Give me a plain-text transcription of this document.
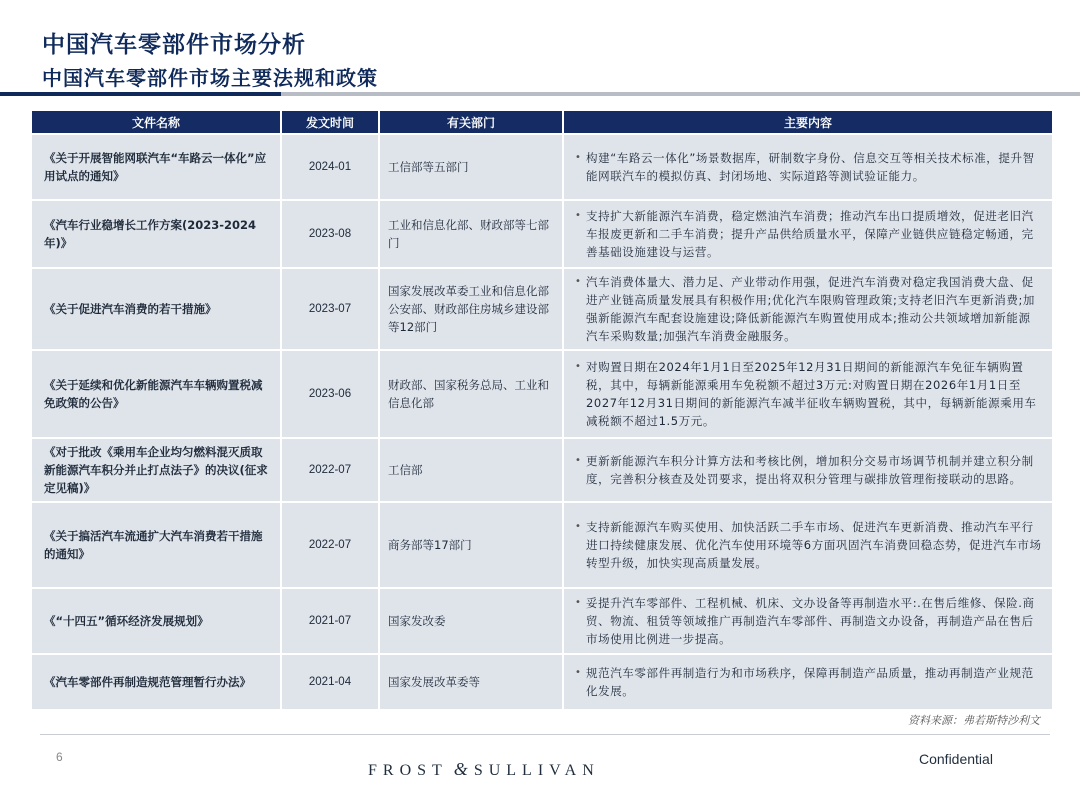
中国汽车零部件市场分析
中国汽车零部件市场主要法规和政策
文件名称	发文时间	有关部门	主要内容
《关于开展智能网联汽车“车路云一体化”应用试点的通知》	2024-01	工信部等五部门	• 构建“车路云一体化”场景数据库，研制数字身份、信息交互等相关技术标准，提升智能网联汽车的模拟仿真、封闭场地、实际道路等测试验证能力。

《汽车行业稳增长工作方案(2023-2024年)》	2023-08	工业和信息化部、财政部等七部门	• 支持扩大新能源汽车消费，稳定燃油汽车消费；推动汽车出口提质增效，促进老旧汽车报废更新和二手车消费；提升产品供给质量水平，保障产业链供应链稳定畅通，完善基础设施建设与运营。

《关于促进汽车消费的若干措施》	2023-07	国家发展改革委工业和信息化部公安部、财政部住房城乡建设部等12部门	• 汽车消费体量大、潜力足、产业带动作用强，促进汽车消费对稳定我国消费大盘、促进产业链高质量发展具有积极作用;优化汽车限购管理政策;支持老旧汽车更新消费;加强新能源汽车配套设施建设;降低新能源汽车购置使用成本;推动公共领域增加新能源汽车采购数量;加强汽车消费金融服务。

《关于延续和优化新能源汽车车辆购置税减免政策的公告》	2023-06	财政部、国家税务总局、工业和信息化部	• 对购置日期在2024年1月1日至2025年12月31日期间的新能源汽车免征车辆购置税，其中，每辆新能源乘用车免税额不超过3万元:对购置日期在2026年1月1日至2027年12月31日期间的新能源汽车减半征收车辆购置税，其中，每辆新能源乘用车减税额不超过1.5万元。

《对于批改《乘用车企业均匀燃料混灭质取新能源汽车积分并止打点法子》的决议(征求定见稿)》	2022-07	工信部	• 更新新能源汽车积分计算方法和考核比例，增加积分交易市场调节机制并建立积分制度，完善积分核查及处罚要求，提出将双积分管理与碳排放管理衔接联动的思路。

《关于搞活汽车流通扩大汽车消费若干措施的通知》	2022-07	商务部等17部门	• 支持新能源汽车购买使用、加快活跃二手车市场、促进汽车更新消费、推动汽车平行进口持续健康发展、优化汽车使用环境等6方面巩固汽车消费回稳态势，促进汽车市场转型升级，加快实现高质量发展。

《“十四五”循环经济发展规划》	2021-07	国家发改委	• 妥提升汽车零部件、工程机械、机床、文办设备等再制造水平:.在售后维修、保险.商贸、物流、租赁等领域推广再制造汽车零部件、再制造文办设备，再制造产品在售后市场使用比例进一步提高。

《汽车零部件再制造规范管理暂行办法》	2021-04	国家发展改革委等	• 规范汽车零部件再制造行为和市场秩序，保障再制造产品质量，推动再制造产业规范化发展。
资料来源：弗若斯特沙利文
6
FROST & SULLIVAN
Confidential
